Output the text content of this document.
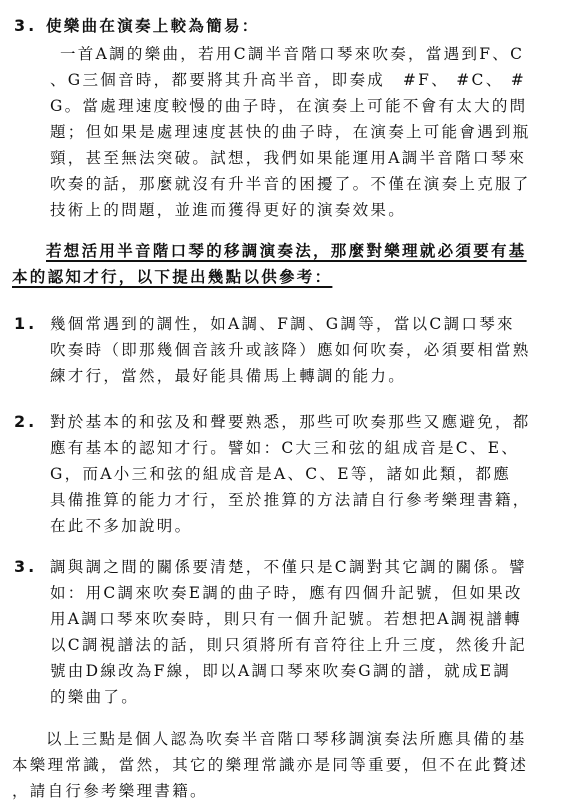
3. 使樂曲在演奏上較為簡易：
一首A調的樂曲，若用C調半音階口琴來吹奏，當遇到F、C
、G三個音時，都要將其升高半音，即奏成　#F、 #C、 #
G。當處理速度較慢的曲子時，在演奏上可能不會有太大的問
題；但如果是處理速度甚快的曲子時，在演奏上可能會遇到瓶
頸，甚至無法突破。試想，我們如果能運用A調半音階口琴來
吹奏的話，那麼就沒有升半音的困擾了。不僅在演奏上克服了
技術上的問題，並進而獲得更好的演奏效果。
若想活用半音階口琴的移調演奏法，那麼對樂理就必須要有基
本的認知才行，以下提出幾點以供參考：
1. 幾個常遇到的調性，如A調、F調、G調等，當以C調口琴來
吹奏時（即那幾個音該升或該降）應如何吹奏，必須要相當熟
練才行，當然，最好能具備馬上轉調的能力。
2. 對於基本的和弦及和聲要熟悉，那些可吹奏那些又應避免，都
應有基本的認知才行。譬如：C大三和弦的組成音是C、E、
G，而A小三和弦的組成音是A、C、E等，諸如此類，都應
具備推算的能力才行，至於推算的方法請自行參考樂理書籍，
在此不多加說明。
3. 調與調之間的關係要清楚，不僅只是C調對其它調的關係。譬
如：用C調來吹奏E調的曲子時，應有四個升記號，但如果改
用A調口琴來吹奏時，則只有一個升記號。若想把A調視譜轉
以C調視譜法的話，則只須將所有音符往上升三度，然後升記
號由D線改為F線，即以A調口琴來吹奏G調的譜，就成E調
的樂曲了。
以上三點是個人認為吹奏半音階口琴移調演奏法所應具備的基
本樂理常識，當然，其它的樂理常識亦是同等重要，但不在此贅述
，請自行參考樂理書籍。
